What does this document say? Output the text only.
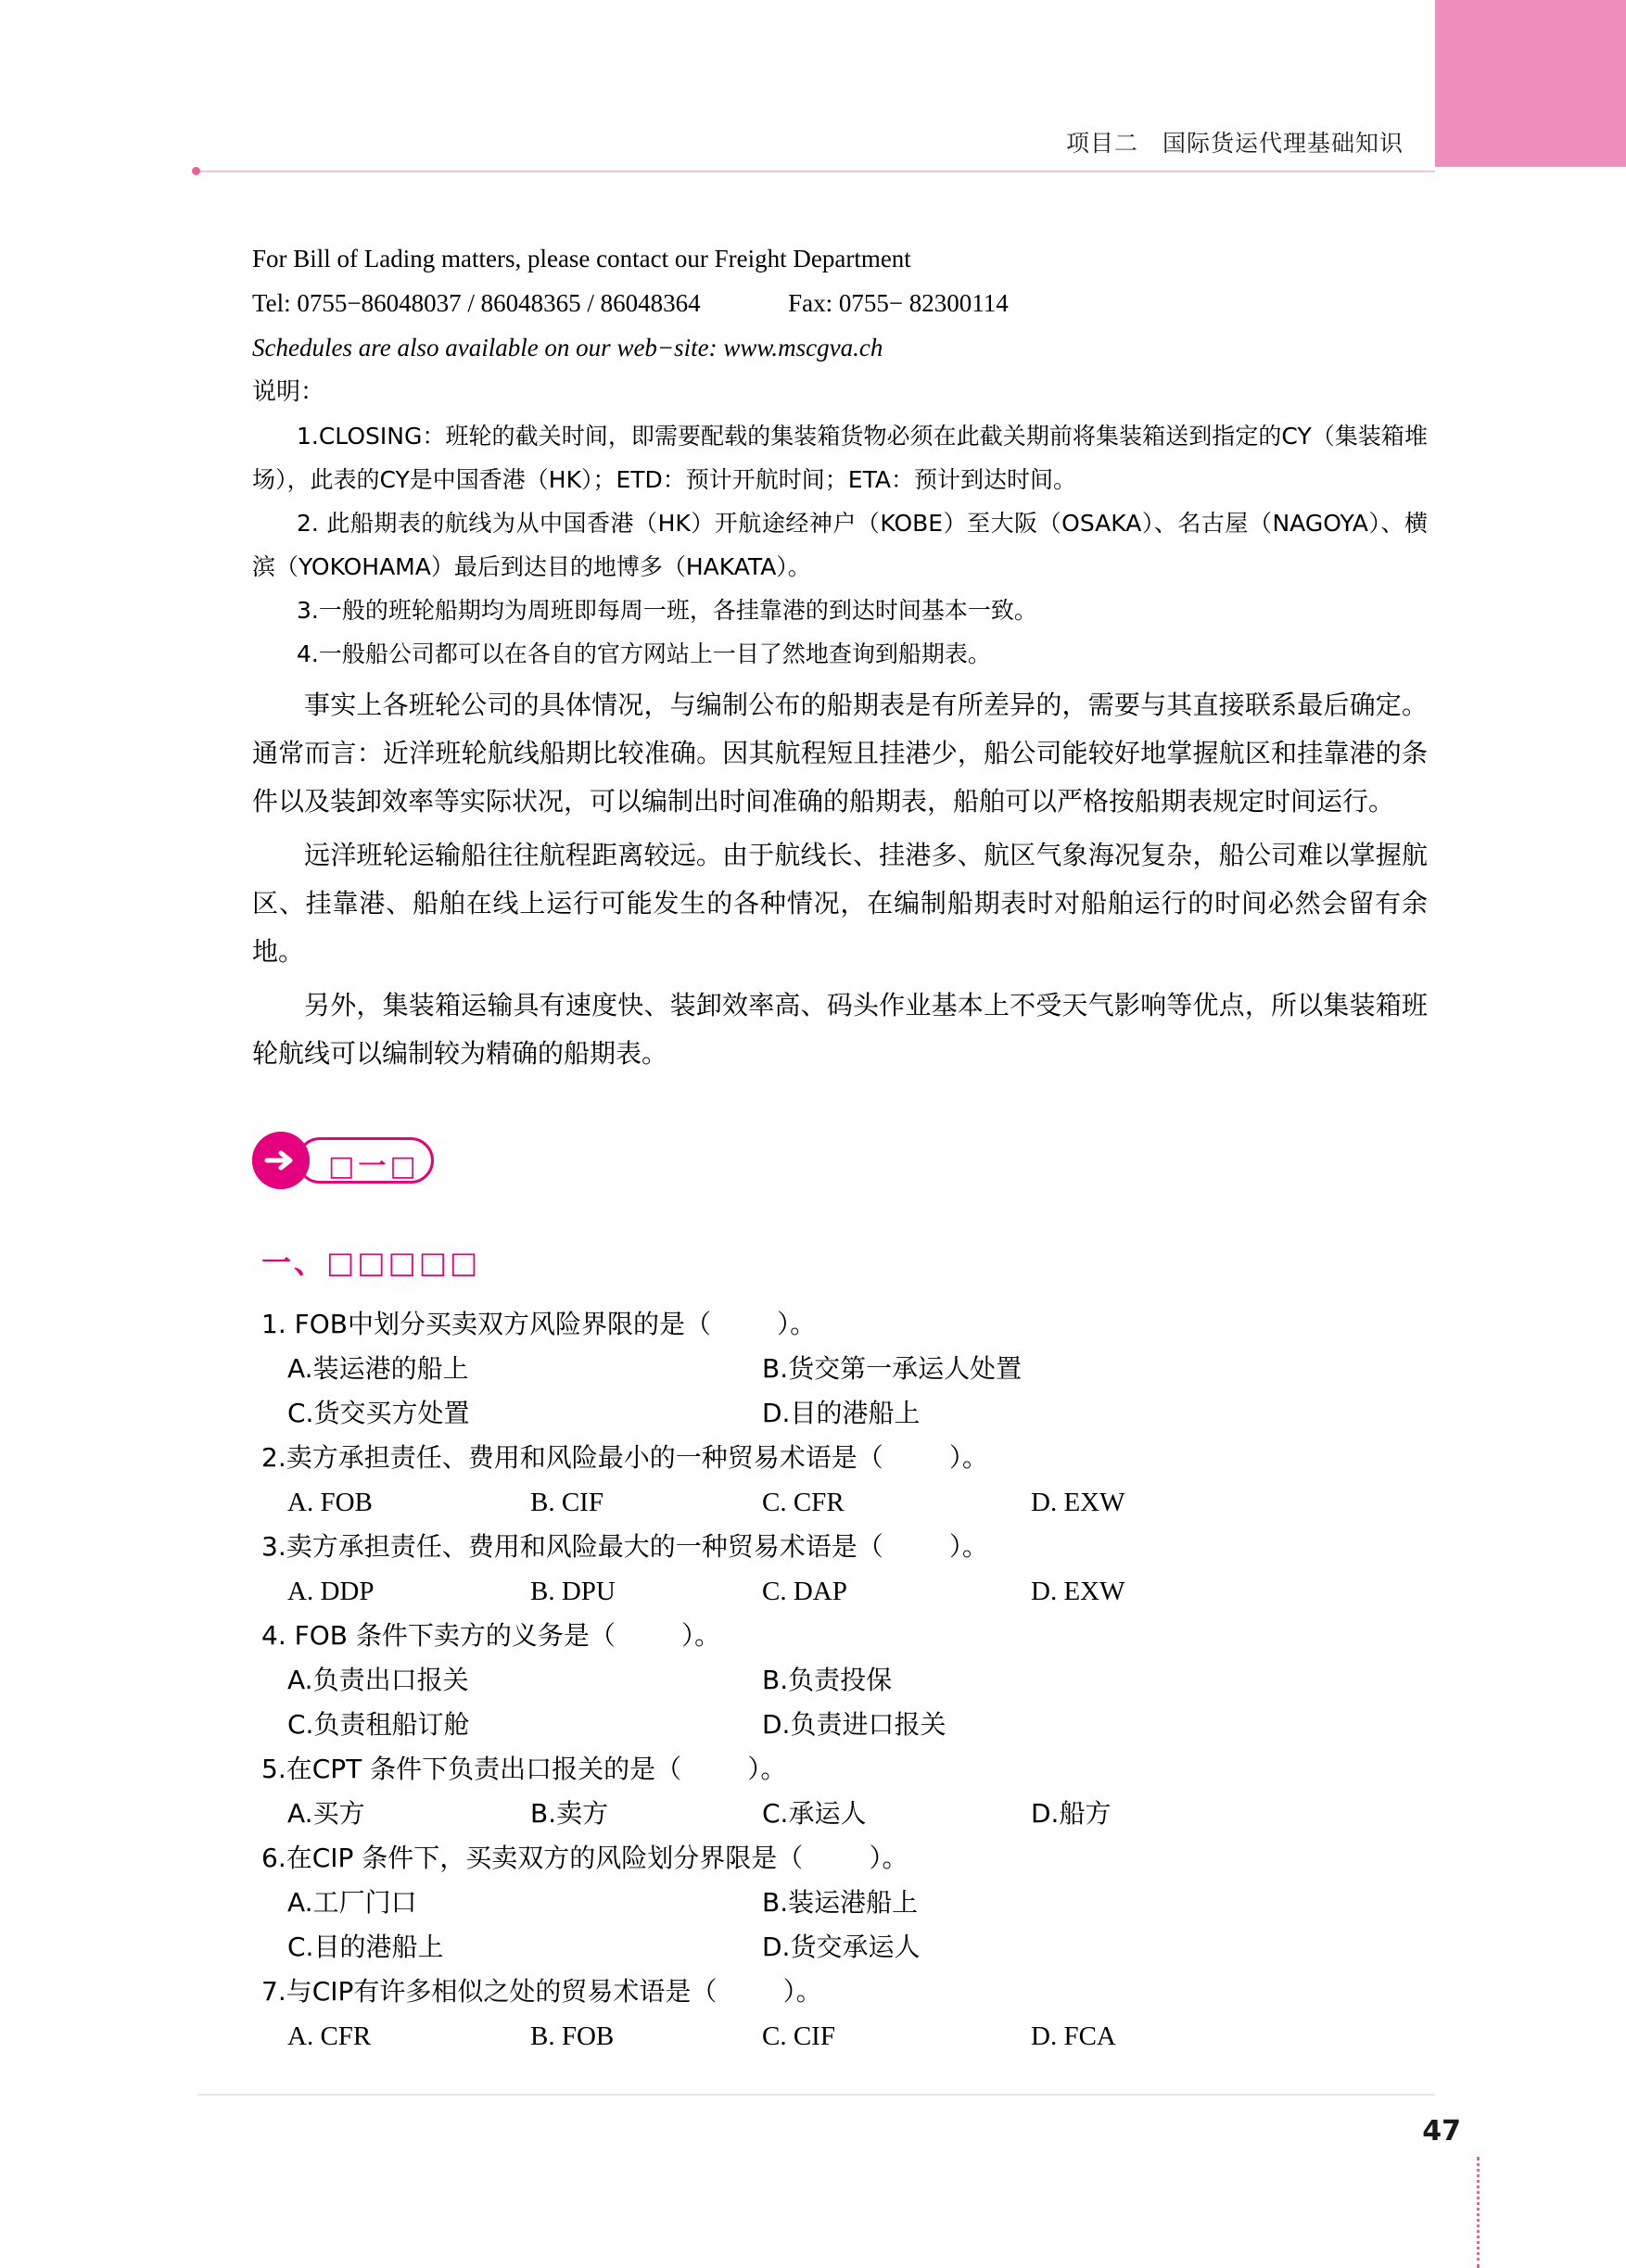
项目二　国际货运代理基础知识
For Bill of Lading matters, please contact our Freight Department
Tel: 0755−86048037 / 86048365 / 86048364              Fax: 0755− 82300114
Schedules are also available on our web−site: www.mscgva.ch
说明：
1.CLOSING：班轮的截关时间，即需要配载的集装箱货物必须在此截关期前将集装箱送到指定的CY（集装箱堆场），此表的CY是中国香港（HK）；ETD：预计开航时间；ETA：预计到达时间。
2. 此船期表的航线为从中国香港（HK）开航途经神户（KOBE）至大阪（OSAKA）、名古屋（NAGOYA）、横滨（YOKOHAMA）最后到达目的地博多（HAKATA）。
3.一般的班轮船期均为周班即每周一班，各挂靠港的到达时间基本一致。
4.一般船公司都可以在各自的官方网站上一目了然地查询到船期表。
事实上各班轮公司的具体情况，与编制公布的船期表是有所差异的，需要与其直接联系最后确定。通常而言：近洋班轮航线船期比较准确。因其航程短且挂港少，船公司能较好地掌握航区和挂靠港的条件以及装卸效率等实际状况，可以编制出时间准确的船期表，船舶可以严格按船期表规定时间运行。
远洋班轮运输船往往航程距离较远。由于航线长、挂港多、航区气象海况复杂，船公司难以掌握航区、挂靠港、船舶在线上运行可能发生的各种情况，在编制船期表时对船舶运行的时间必然会留有余地。
另外，集装箱运输具有速度快、装卸效率高、码头作业基本上不受天气影响等优点，所以集装箱班轮航线可以编制较为精确的船期表。
□一□
一、□□□□□
1. FOB中划分买卖双方风险界限的是（        ）。
A.装运港的船上	B.货交第一承运人处置
C.货交买方处置	D.目的港船上
2.卖方承担责任、费用和风险最小的一种贸易术语是（        ）。
A. FOB	B. CIF	C. CFR	D. EXW
3.卖方承担责任、费用和风险最大的一种贸易术语是（        ）。
A. DDP	B. DPU	C. DAP	D. EXW
4. FOB 条件下卖方的义务是（        ）。
A.负责出口报关	B.负责投保
C.负责租船订舱	D.负责进口报关
5.在CPT 条件下负责出口报关的是（        ）。
A.买方	B.卖方	C.承运人	D.船方
6.在CIP 条件下，买卖双方的风险划分界限是（        ）。
A.工厂门口	B.装运港船上
C.目的港船上	D.货交承运人
7.与CIP有许多相似之处的贸易术语是（        ）。
A. CFR	B. FOB	C. CIF	D. FCA
47
